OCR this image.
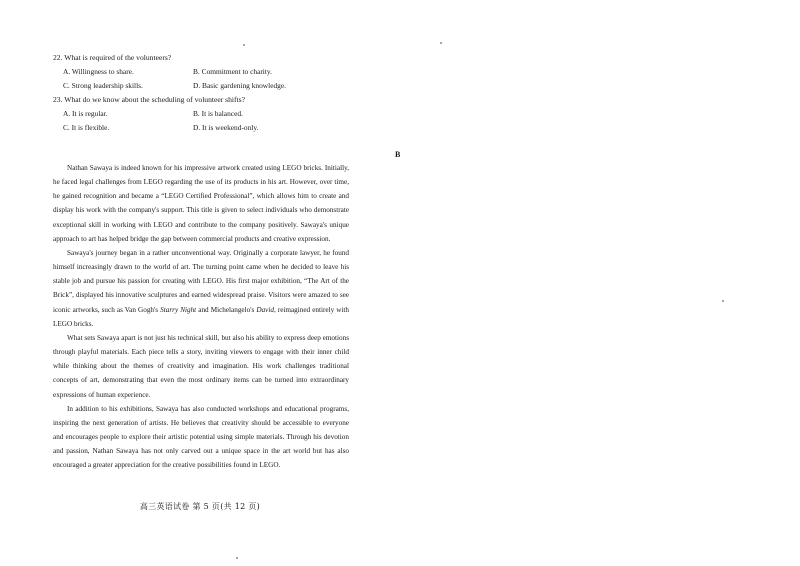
22. What is required of the volunteers?
A. Willingness to share.	B. Commitment to charity.
C. Strong leadership skills.	D. Basic gardening knowledge.
23. What do we know about the scheduling of volunteer shifts?
A. It is regular.	B. It is balanced.
C. It is flexible.	D. It is weekend-only.
B

Nathan Sawaya is indeed known for his impressive artwork created using LEGO bricks. Initially, he faced legal challenges from LEGO regarding the use of its products in his art. However, over time, he gained recognition and became a “LEGO Certified Professional”, which allows him to create and display his work with the company's support. This title is given to select individuals who demonstrate exceptional skill in working with LEGO and contribute to the company positively. Sawaya's unique approach to art has helped bridge the gap between commercial products and creative expression.

Sawaya's journey began in a rather unconventional way. Originally a corporate lawyer, he found himself increasingly drawn to the world of art. The turning point came when he decided to leave his stable job and pursue his passion for creating with LEGO. His first major exhibition, “The Art of the Brick”, displayed his innovative sculptures and earned widespread praise. Visitors were amazed to see iconic artworks, such as Van Gogh's Starry Night and Michelangelo's David, reimagined entirely with LEGO bricks.

What sets Sawaya apart is not just his technical skill, but also his ability to express deep emotions through playful materials. Each piece tells a story, inviting viewers to engage with their inner child while thinking about the themes of creativity and imagination. His work challenges traditional concepts of art, demonstrating that even the most ordinary items can be turned into extraordinary expressions of human experience.

In addition to his exhibitions, Sawaya has also conducted workshops and educational programs, inspiring the next generation of artists. He believes that creativity should be accessible to everyone and encourages people to explore their artistic potential using simple materials. Through his devotion and passion, Nathan Sawaya has not only carved out a unique space in the art world but has also encouraged a greater appreciation for the creative possibilities found in LEGO.

高三英语试卷 第 5 页(共 12 页)
